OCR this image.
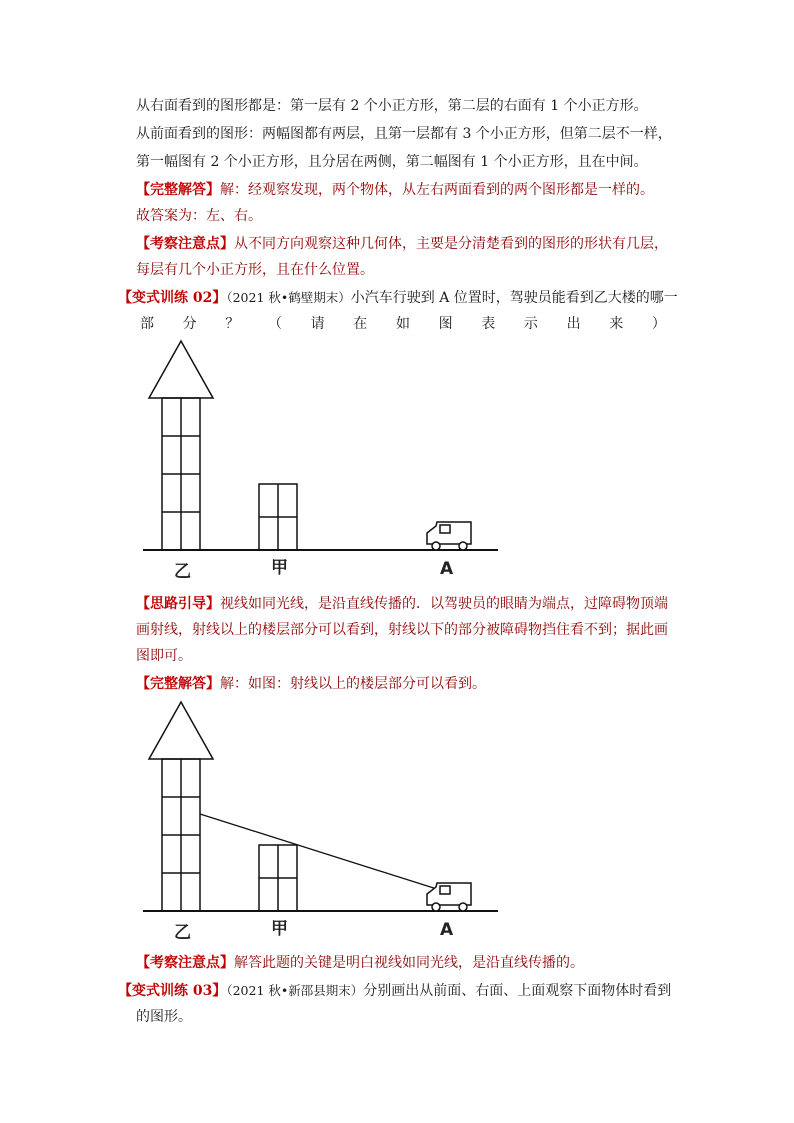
从右面看到的图形都是：第一层有 2 个小正方形，第二层的右面有 1 个小正方形。
从前面看到的图形：两幅图都有两层，且第一层都有 3 个小正方形，但第二层不一样，
第一幅图有 2 个小正方形，且分居在两侧，第二幅图有 1 个小正方形，且在中间。
【完整解答】解：经观察发现，两个物体，从左右两面看到的两个图形都是一样的。
故答案为：左、右。
【考察注意点】从不同方向观察这种几何体，主要是分清楚看到的图形的形状有几层，
每层有几个小正方形，且在什么位置。
【变式训练 02】（2021 秋•鹤壁期末）小汽车行驶到 A 位置时，驾驶员能看到乙大楼的哪一
部 分 ？ （ 请 在 如 图 表 示 出 来 ）
乙	甲	A
【思路引导】视线如同光线，是沿直线传播的．以驾驶员的眼睛为端点，过障碍物顶端
画射线，射线以上的楼层部分可以看到，射线以下的部分被障碍物挡住看不到；据此画
图即可。
【完整解答】解：如图：射线以上的楼层部分可以看到。
乙	甲	A
【考察注意点】解答此题的关键是明白视线如同光线，是沿直线传播的。
【变式训练 03】（2021 秋•新邵县期末）分别画出从前面、右面、上面观察下面物体时看到
的图形。
